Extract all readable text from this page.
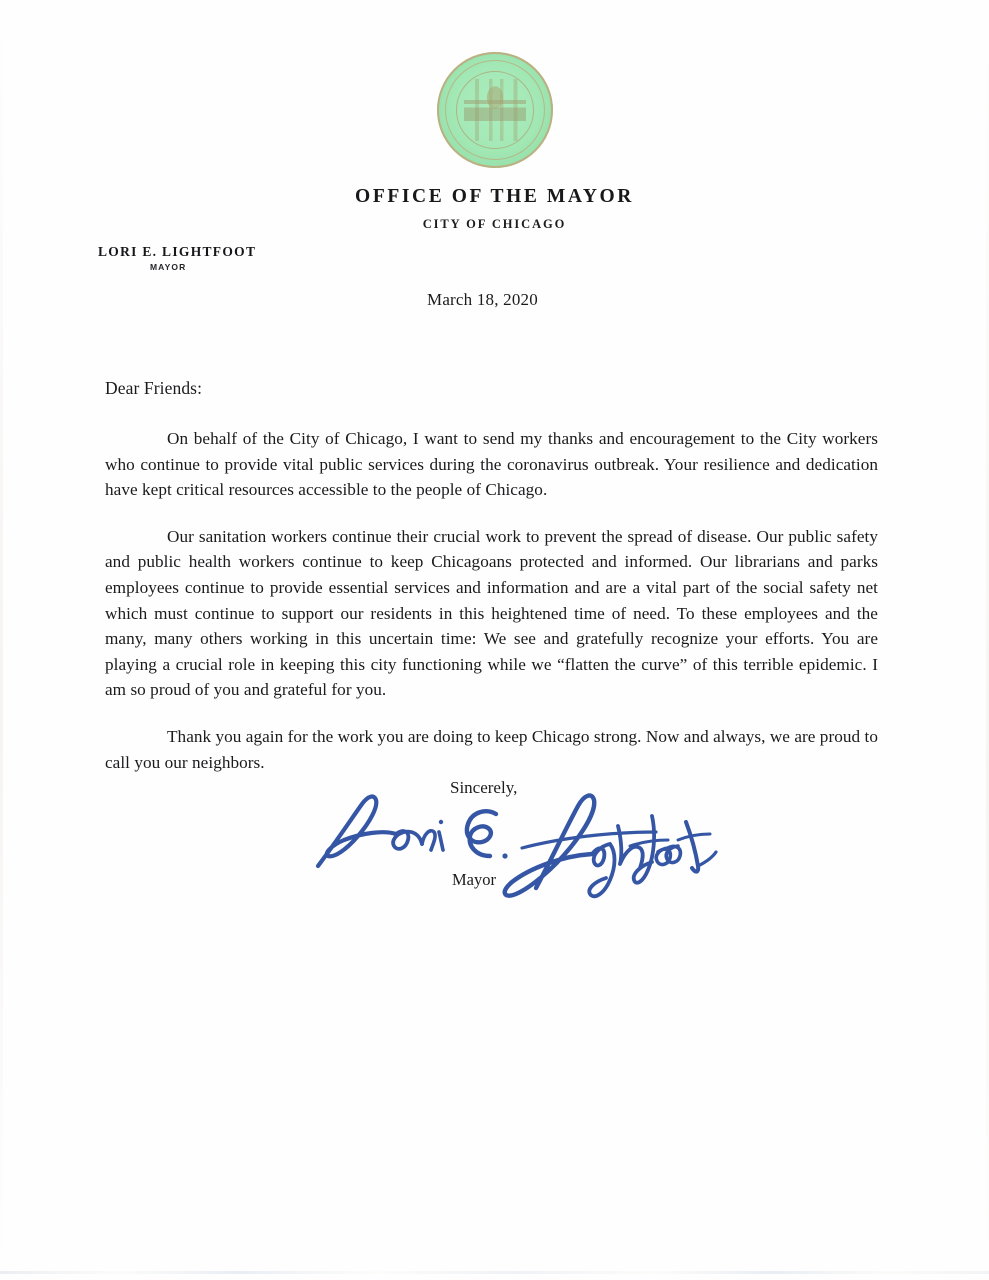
OFFICE OF THE MAYOR
CITY OF CHICAGO
LORI E. LIGHTFOOT
MAYOR
March 18, 2020
Dear Friends:

On behalf of the City of Chicago, I want to send my thanks and encouragement to the City workers who continue to provide vital public services during the coronavirus outbreak. Your resilience and dedication have kept critical resources accessible to the people of Chicago.

Our sanitation workers continue their crucial work to prevent the spread of disease. Our public safety and public health workers continue to keep Chicagoans protected and informed. Our librarians and parks employees continue to provide essential services and information and are a vital part of the social safety net which must continue to support our residents in this heightened time of need. To these employees and the many, many others working in this uncertain time: We see and gratefully recognize your efforts. You are playing a crucial role in keeping this city functioning while we “flatten the curve” of this terrible epidemic. I am so proud of you and grateful for you.

Thank you again for the work you are doing to keep Chicago strong. Now and always, we are proud to call you our neighbors.

Sincerely,
Mayor
